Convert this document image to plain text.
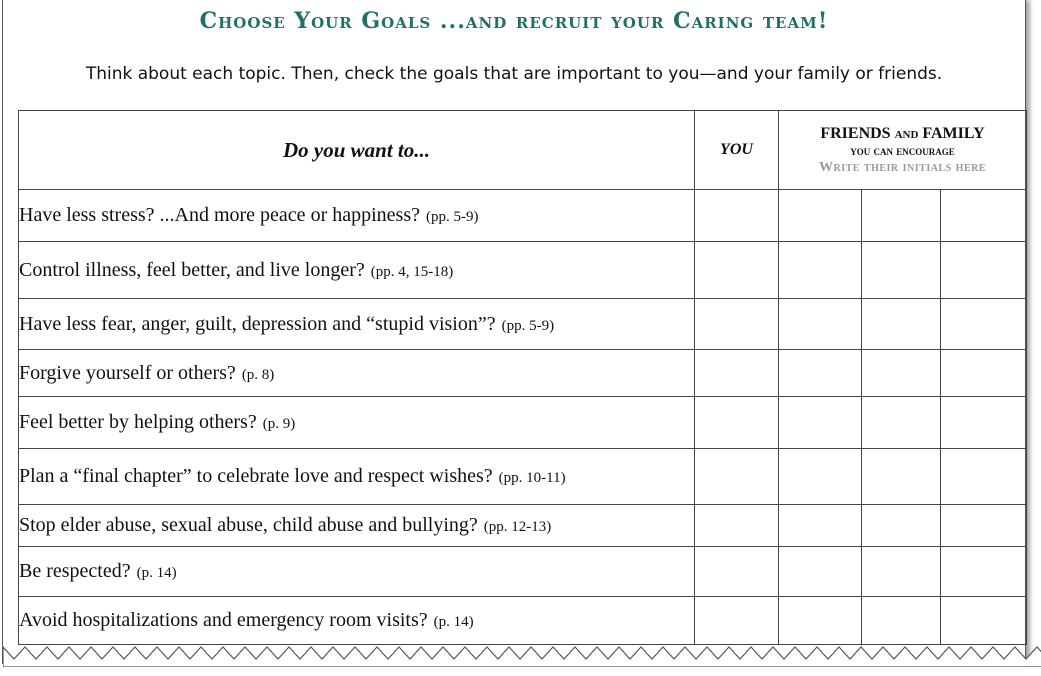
Choose Your Goals ...and recruit your Caring team!
Think about each topic. Then, check the goals that are important to you—and your family or friends.
Do you want to...	YOU	FRIENDS and FAMILY
you can encourage
Write their initials here		

Have less stress? ...And more peace or happiness? (pp. 5-9)				
Control illness, feel better, and live longer? (pp. 4, 15-18)				
Have less fear, anger, guilt, depression and “stupid vision”? (pp. 5-9)				
Forgive yourself or others? (p. 8)				
Feel better by helping others? (p. 9)				
Plan a “final chapter” to celebrate love and respect wishes? (pp. 10-11)				
Stop elder abuse, sexual abuse, child abuse and bullying? (pp. 12-13)				
Be respected? (p. 14)				
Avoid hospitalizations and emergency room visits? (p. 14)				
